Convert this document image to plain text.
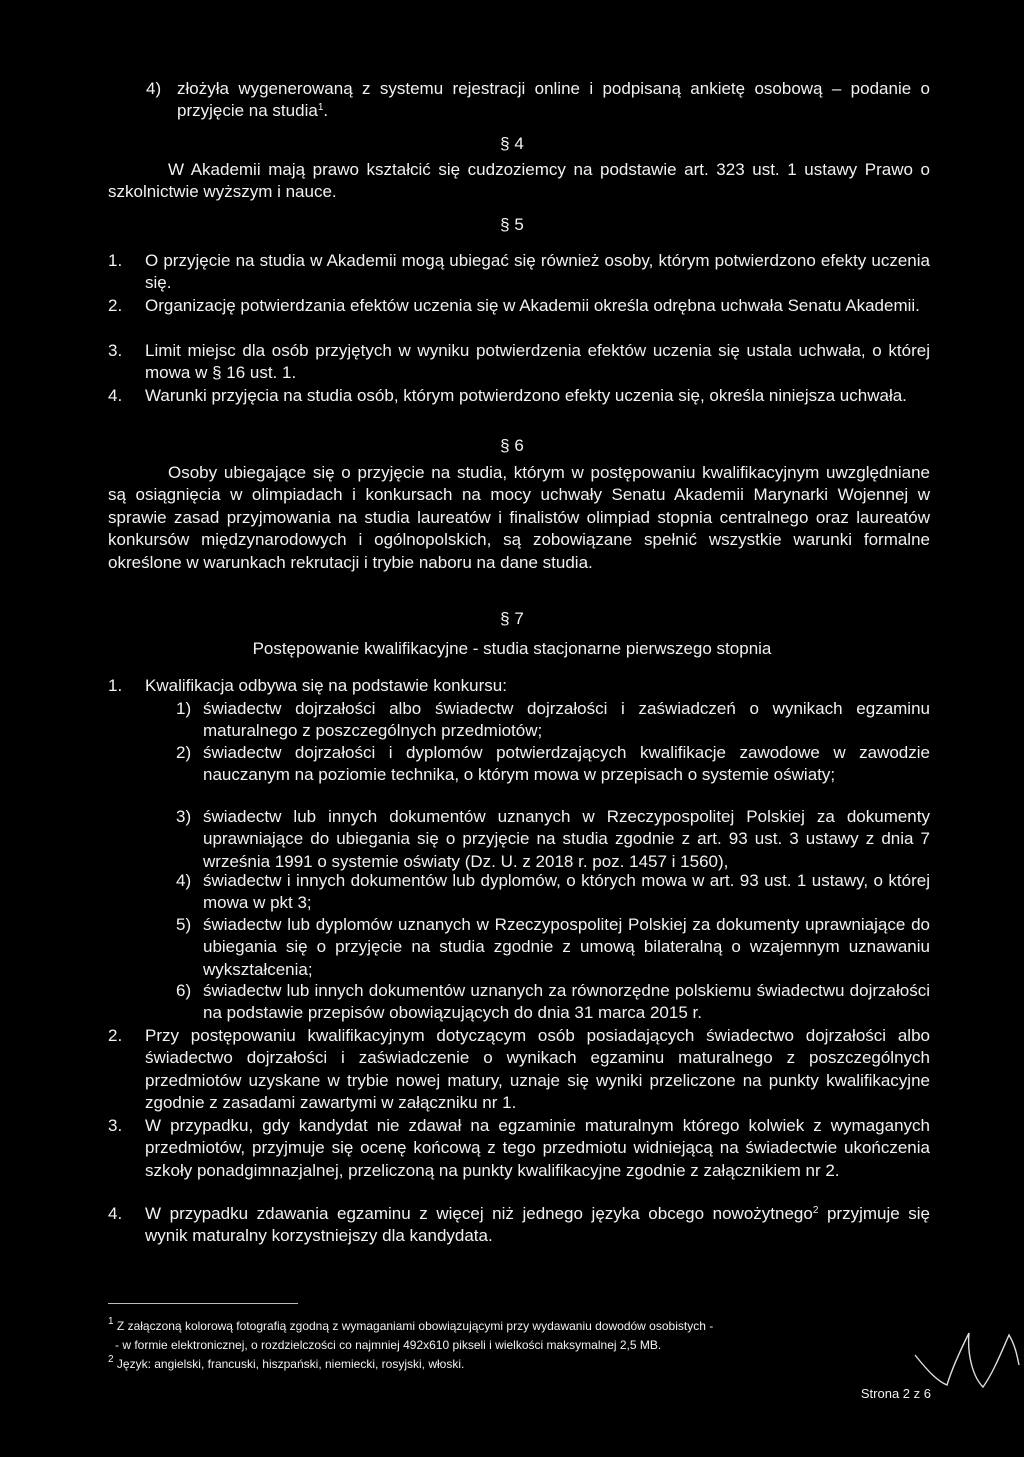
4) złożyła wygenerowaną z systemu rejestracji online i podpisaną ankietę osobową – podanie o przyjęcie na studia$^1$.
§ 4
W Akademii mają prawo kształcić się cudzoziemcy na podstawie art. 323 ust. 1 ustawy Prawo o szkolnictwie wyższym i nauce.
§ 5
1. O przyjęcie na studia w Akademii mogą ubiegać się również osoby, którym potwierdzono efekty uczenia się.
2. Organizację potwierdzania efektów uczenia się w Akademii określa odrębna uchwała Senatu Akademii.
3. Limit miejsc dla osób przyjętych w wyniku potwierdzenia efektów uczenia się ustala uchwała, o której mowa w § 16 ust. 1.
4. Warunki przyjęcia na studia osób, którym potwierdzono efekty uczenia się, określa niniejsza uchwała.
§ 6
Osoby ubiegające się o przyjęcie na studia, którym w postępowaniu kwalifikacyjnym uwzględniane są osiągnięcia w olimpiadach i konkursach na mocy uchwały Senatu Akademii Marynarki Wojennej w sprawie zasad przyjmowania na studia laureatów i finalistów olimpiad stopnia centralnego oraz laureatów konkursów międzynarodowych i ogólnopolskich, są zobowiązane spełnić wszystkie warunki formalne określone w warunkach rekrutacji i trybie naboru na dane studia.
§ 7
Postępowanie kwalifikacyjne - studia stacjonarne pierwszego stopnia
1. Kwalifikacja odbywa się na podstawie konkursu:
1) świadectw dojrzałości albo świadectw dojrzałości i zaświadczeń o wynikach egzaminu maturalnego z poszczególnych przedmiotów;
2) świadectw dojrzałości i dyplomów potwierdzających kwalifikacje zawodowe w zawodzie nauczanym na poziomie technika, o którym mowa w przepisach o systemie oświaty;
3) świadectw lub innych dokumentów uznanych w Rzeczypospolitej Polskiej za dokumenty uprawniające do ubiegania się o przyjęcie na studia zgodnie z art. 93 ust. 3 ustawy z dnia 7 września 1991 o systemie oświaty (Dz. U. z 2018 r. poz. 1457 i 1560),
4) świadectw i innych dokumentów lub dyplomów, o których mowa w art. 93 ust. 1 ustawy, o której mowa w pkt 3;
5) świadectw lub dyplomów uznanych w Rzeczypospolitej Polskiej za dokumenty uprawniające do ubiegania się o przyjęcie na studia zgodnie z umową bilateralną o wzajemnym uznawaniu wykształcenia;
6) świadectw lub innych dokumentów uznanych za równorzędne polskiemu świadectwu dojrzałości na podstawie przepisów obowiązujących do dnia 31 marca 2015 r.
2. Przy postępowaniu kwalifikacyjnym dotyczącym osób posiadających świadectwo dojrzałości albo świadectwo dojrzałości i zaświadczenie o wynikach egzaminu maturalnego z poszczególnych przedmiotów uzyskane w trybie nowej matury, uznaje się wyniki przeliczone na punkty kwalifikacyjne zgodnie z zasadami zawartymi w załączniku nr 1.
3. W przypadku, gdy kandydat nie zdawał na egzaminie maturalnym którego kolwiek z wymaganych przedmiotów, przyjmuje się ocenę końcową z tego przedmiotu widniejącą na świadectwie ukończenia szkoły ponadgimnazjalnej, przeliczoną na punkty kwalifikacyjne zgodnie z załącznikiem nr 2.
4. W przypadku zdawania egzaminu z więcej niż jednego języka obcego nowożytnego$^2$ przyjmuje się wynik maturalny korzystniejszy dla kandydata.
$^1$ Z załączoną kolorową fotografią zgodną z wymaganiami obowiązującymi przy wydawaniu dowodów osobistych -
- w formie elektronicznej, o rozdzielczości co najmniej 492x610 pikseli i wielkości maksymalnej 2,5 MB.
$^2$ Język: angielski, francuski, hiszpański, niemiecki, rosyjski, włoski.
Strona 2 z 6
